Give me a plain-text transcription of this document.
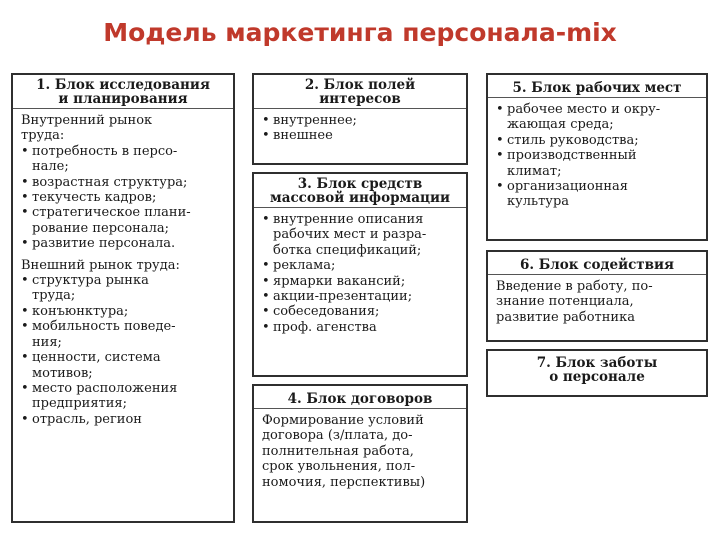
Модель маркетинга персонала-mix
1. Блок исследования
и планирования
Внутренний рынок
труда:
• потребность в персо-
нале;
• возрастная структура;
• текучесть кадров;
• стратегическое плани-
рование персонала;
• развитие персонала.
Внешний рынок труда:
• структура рынка
труда;
• конъюнктура;
• мобильность поведе-
ния;
• ценности, система
мотивов;
• место расположения
предприятия;
• отрасль, регион
2. Блок полей
интересов
• внутреннее;
• внешнее
3. Блок средств
массовой информации
• внутренние описания
рабочих мест и разра-
ботка спецификаций;
• реклама;
• ярмарки вакансий;
• акции-презентации;
• собеседования;
• проф. агенства
4. Блок договоров
Формирование условий
договора (з/плата, до-
полнительная работа,
срок увольнения, пол-
номочия, перспективы)
5. Блок рабочих мест
• рабочее место и окру-
жающая среда;
• стиль руководства;
• производственный
климат;
• организационная
культура
6. Блок содействия
Введение в работу, по-
знание потенциала,
развитие работника
7. Блок заботы
о персонале
